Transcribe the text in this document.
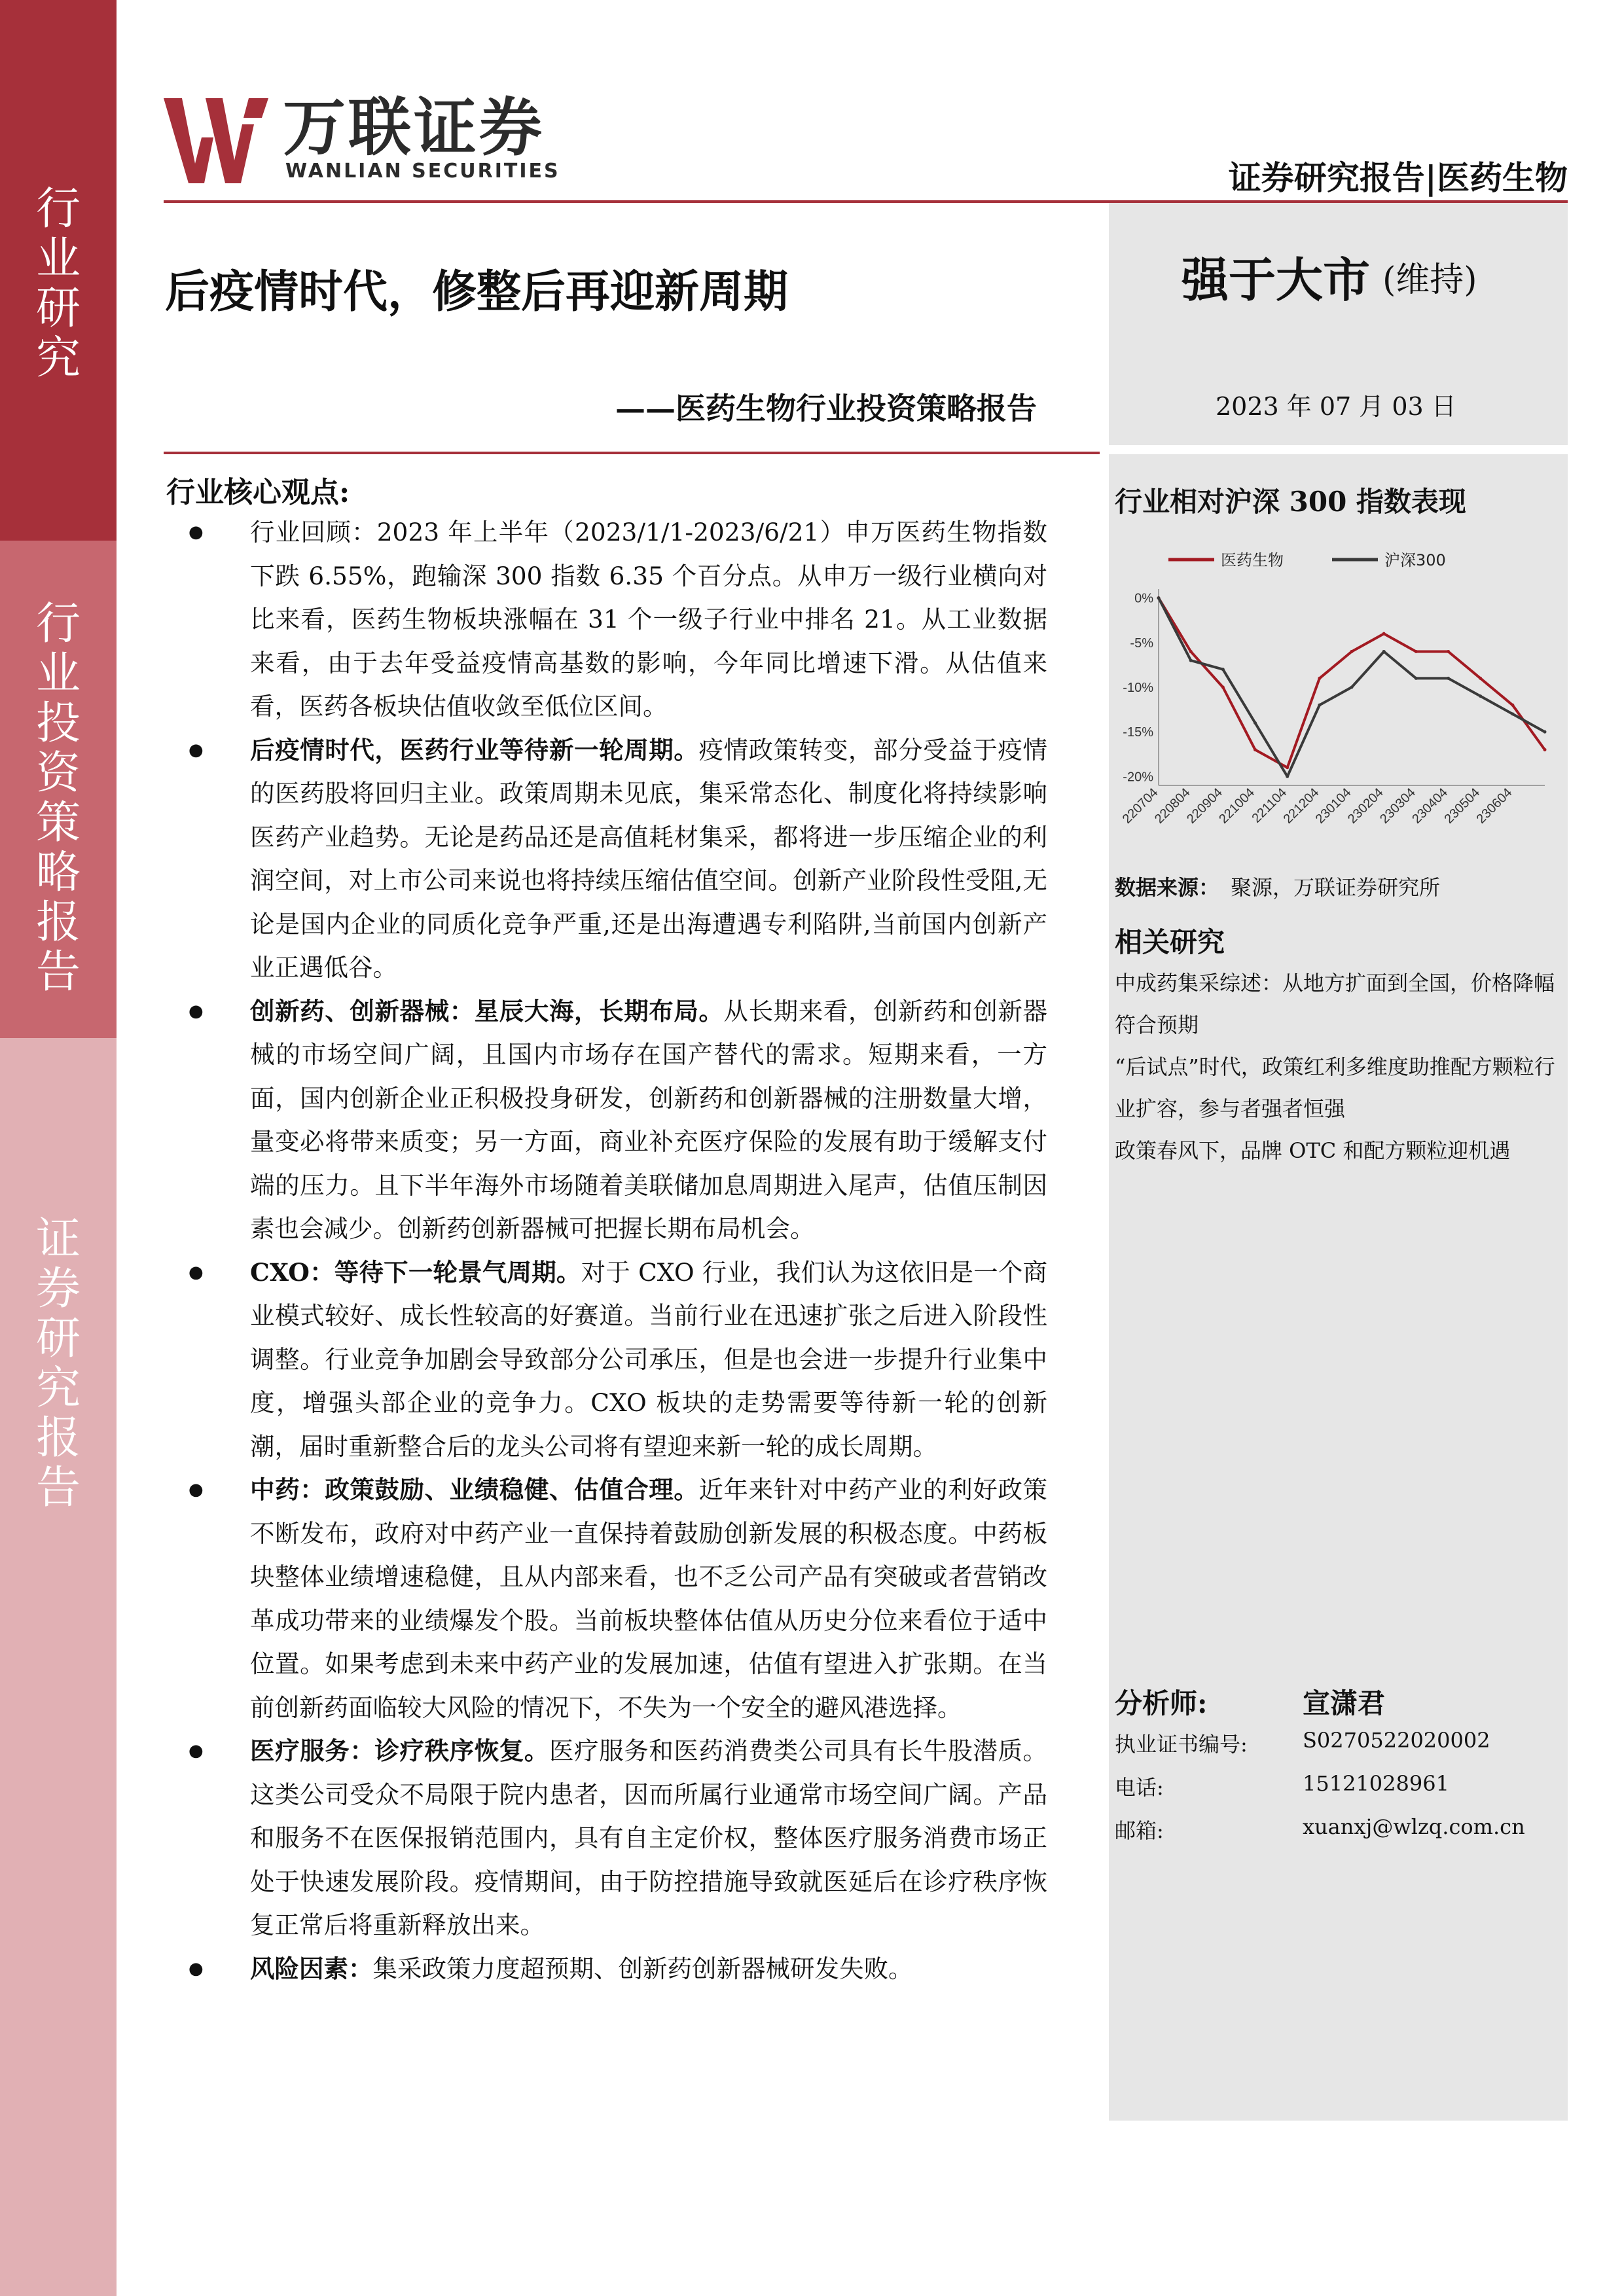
行
业
研
究
行
业
投
资
策
略
报
告
证
券
研
究
报
告
万联证券
WANLIAN SECURITIES	证券研究报告|医药生物
强于大市 (维持)
2023 年 07 月 03 日
后疫情时代，修整后再迎新周期
——医药生物行业投资策略报告
行业核心观点:
● 行业回顾：2023 年上半年（2023/1/1-2023/6/21）申万医药生物指数下跌 6.55%，跑输深 300 指数 6.35 个百分点。从申万一级行业横向对比来看，医药生物板块涨幅在 31 个一级子行业中排名 21。从工业数据来看，由于去年受益疫情高基数的影响，今年同比增速下滑。从估值来看，医药各板块估值收敛至低位区间。
● 后疫情时代，医药行业等待新一轮周期。疫情政策转变，部分受益于疫情的医药股将回归主业。政策周期未见底，集采常态化、制度化将持续影响医药产业趋势。无论是药品还是高值耗材集采，都将进一步压缩企业的利润空间，对上市公司来说也将持续压缩估值空间。创新产业阶段性受阻,无论是国内企业的同质化竞争严重,还是出海遭遇专利陷阱,当前国内创新产业正遇低谷。
● 创新药、创新器械：星辰大海，长期布局。从长期来看，创新药和创新器械的市场空间广阔，且国内市场存在国产替代的需求。短期来看，一方面，国内创新企业正积极投身研发，创新药和创新器械的注册数量大增，量变必将带来质变；另一方面，商业补充医疗保险的发展有助于缓解支付端的压力。且下半年海外市场随着美联储加息周期进入尾声，估值压制因素也会减少。创新药创新器械可把握长期布局机会。
● CXO：等待下一轮景气周期。对于 CXO 行业，我们认为这依旧是一个商业模式较好、成长性较高的好赛道。当前行业在迅速扩张之后进入阶段性调整。行业竞争加剧会导致部分公司承压，但是也会进一步提升行业集中度，增强头部企业的竞争力。CXO 板块的走势需要等待新一轮的创新潮，届时重新整合后的龙头公司将有望迎来新一轮的成长周期。
● 中药：政策鼓励、业绩稳健、估值合理。近年来针对中药产业的利好政策不断发布，政府对中药产业一直保持着鼓励创新发展的积极态度。中药板块整体业绩增速稳健，且从内部来看，也不乏公司产品有突破或者营销改革成功带来的业绩爆发个股。当前板块整体估值从历史分位来看位于适中位置。如果考虑到未来中药产业的发展加速，估值有望进入扩张期。在当前创新药面临较大风险的情况下，不失为一个安全的避风港选择。
● 医疗服务：诊疗秩序恢复。医疗服务和医药消费类公司具有长牛股潜质。这类公司受众不局限于院内患者，因而所属行业通常市场空间广阔。产品和服务不在医保报销范围内，具有自主定价权，整体医疗服务消费市场正处于快速发展阶段。疫情期间，由于防控措施导致就医延后在诊疗秩序恢复正常后将重新释放出来。
● 风险因素：集采政策力度超预期、创新药创新器械研发失败。
行业相对沪深 300 指数表现
0%
-5%
-10%
-15%
-20%
220704
220804
220904
221004
221104
221204
230104
230204
230304
230404
230504
230604
医药生物	沪深300
数据来源： 聚源，万联证券研究所
相关研究
中成药集采综述：从地方扩面到全国，价格降幅符合预期
“后试点”时代，政策红利多维度助推配方颗粒行业扩容，参与者强者恒强
政策春风下，品牌 OTC 和配方颗粒迎机遇
分析师:	宣潇君
执业证书编号:	S0270522020002
电话:	15121028961
邮箱:	xuanxj@wlzq.com.cn
